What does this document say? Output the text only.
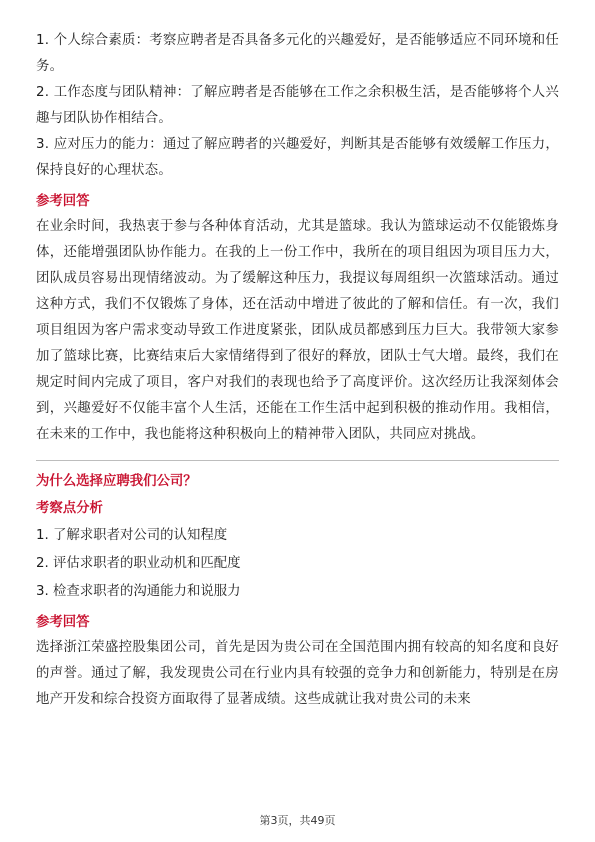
1. 个人综合素质：考察应聘者是否具备多元化的兴趣爱好，是否能够适应不同环境和任务。

2. 工作态度与团队精神：了解应聘者是否能够在工作之余积极生活，是否能够将个人兴趣与团队协作相结合。

3. 应对压力的能力：通过了解应聘者的兴趣爱好，判断其是否能够有效缓解工作压力，保持良好的心理状态。

参考回答

在业余时间，我热衷于参与各种体育活动，尤其是篮球。我认为篮球运动不仅能锻炼身体，还能增强团队协作能力。在我的上一份工作中，我所在的项目组因为项目压力大，团队成员容易出现情绪波动。为了缓解这种压力，我提议每周组织一次篮球活动。通过这种方式，我们不仅锻炼了身体，还在活动中增进了彼此的了解和信任。有一次，我们项目组因为客户需求变动导致工作进度紧张，团队成员都感到压力巨大。我带领大家参加了篮球比赛，比赛结束后大家情绪得到了很好的释放，团队士气大增。最终，我们在规定时间内完成了项目，客户对我们的表现也给予了高度评价。这次经历让我深刻体会到，兴趣爱好不仅能丰富个人生活，还能在工作生活中起到积极的推动作用。我相信，在未来的工作中，我也能将这种积极向上的精神带入团队，共同应对挑战。

为什么选择应聘我们公司？

考察点分析

1. 了解求职者对公司的认知程度

2. 评估求职者的职业动机和匹配度

3. 检查求职者的沟通能力和说服力

参考回答

选择浙江荣盛控股集团公司，首先是因为贵公司在全国范围内拥有较高的知名度和良好的声誉。通过了解，我发现贵公司在行业内具有较强的竞争力和创新能力，特别是在房地产开发和综合投资方面取得了显著成绩。这些成就让我对贵公司的未来

第3页，共49页
